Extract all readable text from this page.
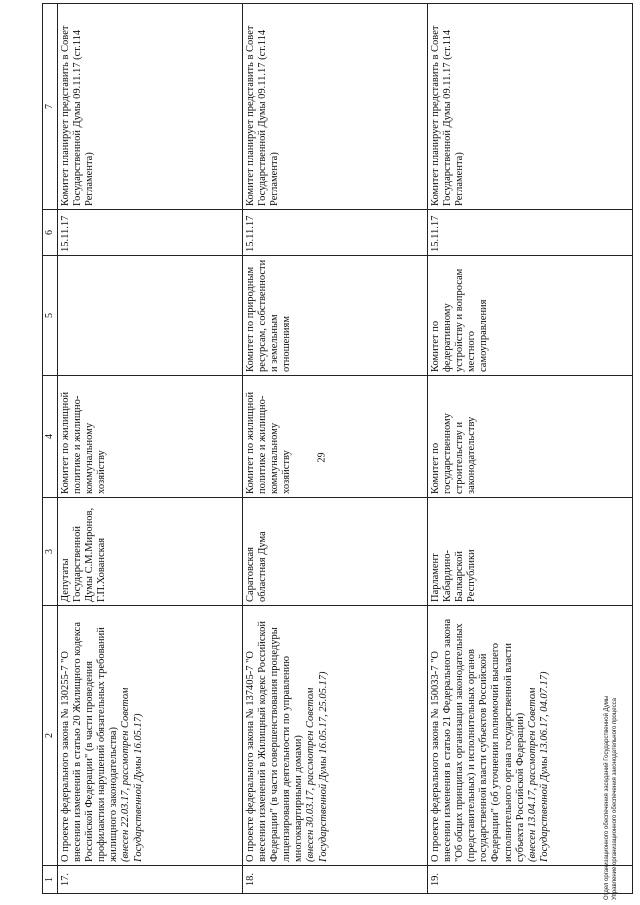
29
1	2	3	4	5	6	7
17.	О проекте федерального закона № 130255-7 "О внесении изменений в статью 20 Жилищного кодекса Российской Федерации" (в части проведения профилактики нарушений обязательных требований жилищного законодательства) (внесен 22.03.17, рассмотрен Советом Государственной Думы 16.05.17)	Депутаты Государственной Думы С.М.Миронов, Г.П.Хованская	Комитет по жилищной политике и жилищно-коммунальному хозяйству		15.11.17	Комитет планирует представить в Совет Государственной Думы 09.11.17 (ст.114 Регламента)
18.	О проекте федерального закона № 137405-7 "О внесении изменений в Жилищный кодекс Российской Федерации" (в части совершенствования процедуры лицензирования деятельности по управлению многоквартирными домами) (внесен 30.03.17, рассмотрен Советом Государственной Думы 16.05.17, 25.05.17)	Саратовская областная Дума	Комитет по жилищной политике и жилищно-коммунальному хозяйству	Комитет по природным ресурсам, собственности и земельным отношениям	15.11.17	Комитет планирует представить в Совет Государственной Думы 09.11.17 (ст.114 Регламента)
19.	О проекте федерального закона № 150033-7 "О внесении изменения в статью 21 Федерального закона "Об общих принципах организации законодательных (представительных) и исполнительных органов государственной власти субъектов Российской Федерации" (об уточнении полномочий высшего исполнительного органа государственной власти субъекта Российской Федерации) (внесен 13.04.17, рассмотрен Советом Государственной Думы 13.06.17, 04.07.17)	Парламент Кабардино-Балкарской Республики	Комитет по государственному строительству и законодательству	Комитет по федеративному устройству и вопросам местного самоуправления	15.11.17	Комитет планирует представить в Совет Государственной Думы 09.11.17 (ст.114 Регламента)
Отдел организационного обеспечения заседаний Государственной Думы Управление организационного обеспечения законодательного процесса
